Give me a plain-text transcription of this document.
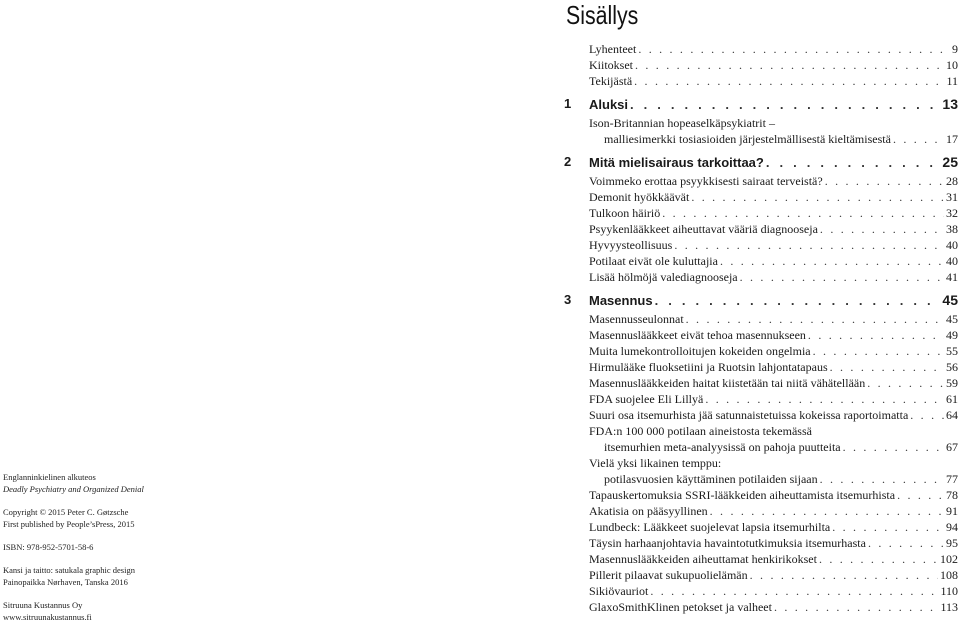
Englanninkielinen alkuteos
Deadly Psychiatry and Organized Denial
Copyright © 2015 Peter C. Gøtzsche
First published by People’sPress, 2015
ISBN: 978-952-5701-58-6
Kansi ja taitto: satukala graphic design
Painopaikka Nørhaven, Tanska 2016
Sitruuna Kustannus Oy
www.sitruunakustannus.fi
Sisällys
Lyhenteet . . .	9
Kiitokset . . .	10
Tekijästä . . .	11
1 Aluksi . . .	13
Ison-Britannian hopeaselkäpsykiatrit –
malliesimerkki tosiasioiden järjestelmällisestä kieltämisestä . . .	17
2 Mitä mielisairaus tarkoittaa? . . .	25
Voimmeko erottaa psyykkisesti sairaat terveistä? . . .	28
Demonit hyökkäävät . . .	31
Tulkoon häiriö . . .	32
Psyykenlääkkeet aiheuttavat vääriä diagnooseja . . .	38
Hyvyysteollisuus . . .	40
Potilaat eivät ole kuluttajia . . .	40
Lisää hölmöjä valediagnooseja . . .	41
3 Masennus . . .	45
Masennusseulonnat . . .	45
Masennuslääkkeet eivät tehoa masennukseen . . .	49
Muita lumekontrolloitujen kokeiden ongelmia . . .	55
Hirmulääke fluoksetiini ja Ruotsin lahjontatapaus . . .	56
Masennuslääkkeiden haitat kiistetään tai niitä vähätellään . . .	59
FDA suojelee Eli Lillyä . . .	61
Suuri osa itsemurhista jää satunnaistetuissa kokeissa raportoimatta . . .	64
FDA:n 100 000 potilaan aineistosta tekemässä
itsemurhien meta-analyysissä on pahoja puutteita . . .	67
Vielä yksi likainen temppu:
potilasvuosien käyttäminen potilaiden sijaan . . .	77
Tapauskertomuksia SSRI-lääkkeiden aiheuttamista itsemurhista . . .	78
Akatisia on pääsyyllinen . . .	91
Lundbeck: Lääkkeet suojelevat lapsia itsemurhilta . . .	94
Täysin harhaanjohtavia havaintotutkimuksia itsemurhasta . . .	95
Masennuslääkkeiden aiheuttamat henkirikokset . . .	102
Pillerit pilaavat sukupuolielämän . . .	108
Sikiövauriot . . .	110
GlaxoSmithKlinen petokset ja valheet . . .	113
